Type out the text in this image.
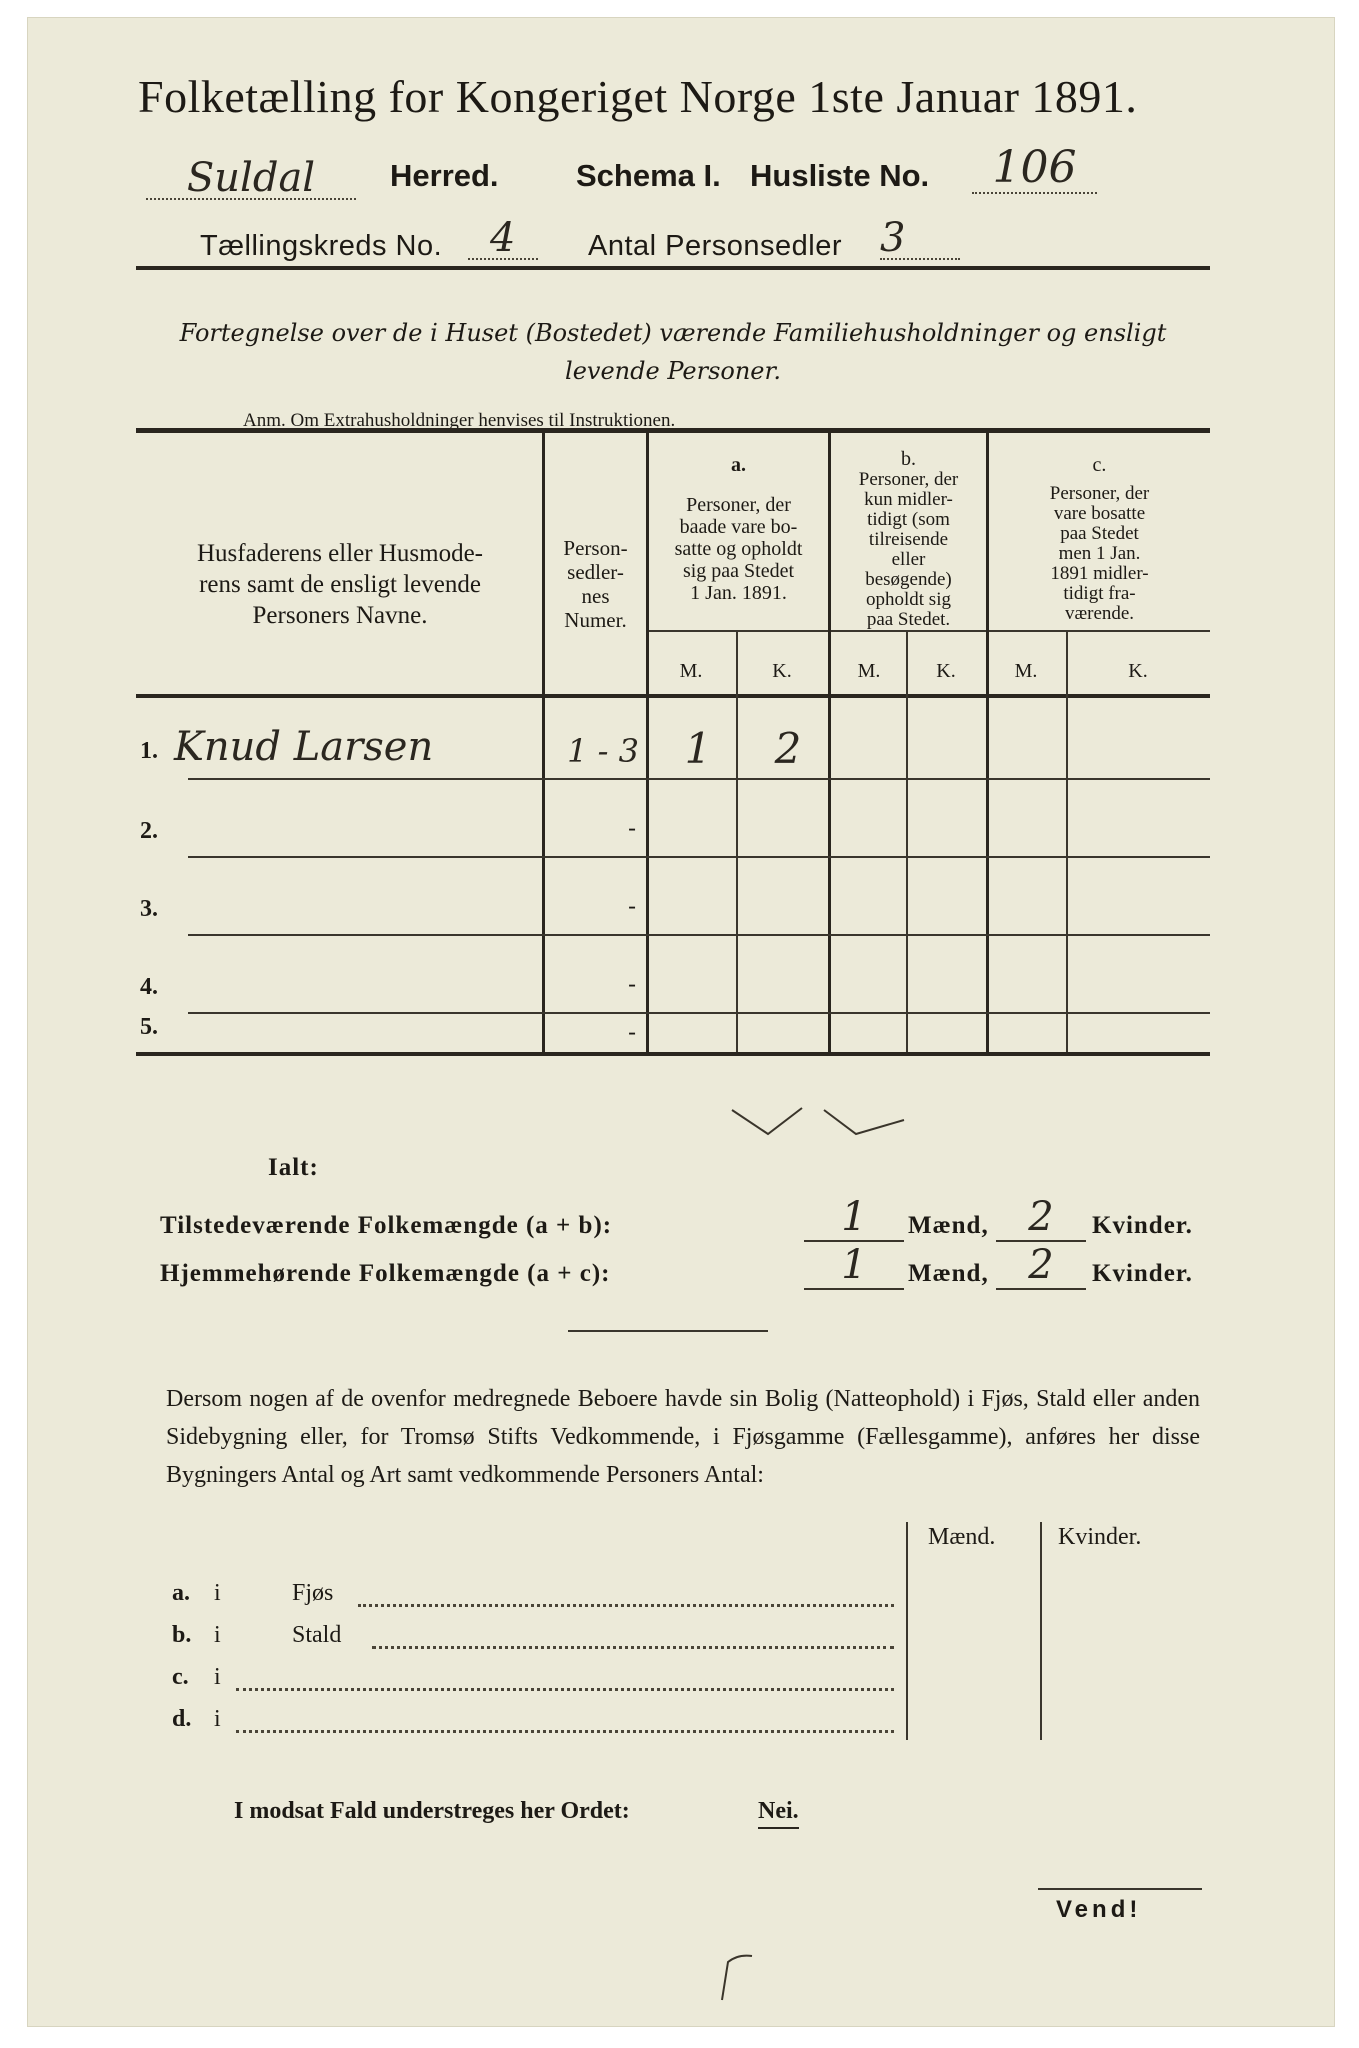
Folketælling for Kongeriget Norge 1ste Januar 1891.
Suldal	Herred. Schema I. Husliste No.	106
Tællingskreds No.	4	Antal Personsedler 3
Fortegnelse over de i Huset (Bostedet) værende Familiehusholdninger og ensligt
levende Personer.
Anm. Om Extrahusholdninger henvises til Instruktionen.
Husfaderens eller Husmode-
rens samt de ensligt levende
Personers Navne.
Person-
sedler-
nes
Numer.
a.
Personer, der
baade vare bo-
satte og opholdt
sig paa Stedet
1 Jan. 1891.
b.
Personer, der
kun midler-
tidigt (som
tilreisende
eller
besøgende)
opholdt sig
paa Stedet.
c.
Personer, der
vare bosatte
paa Stedet
men 1 Jan.
1891 midler-
tidigt fra-
værende.
M.	K.	M.	K.	M.	K.
1. Knud Larsen	1 - 3	1	2
2.	-
3.	-
4.	-
5.	-
Ialt:
Tilstedeværende Folkemængde (a + b):	1	Mænd, 2	Kvinder.
Hjemmehørende Folkemængde (a + c):	1	Mænd, 2	Kvinder.
Dersom nogen af de ovenfor medregnede Beboere havde sin Bolig (Natteophold) i Fjøs, Stald eller anden Sidebygning eller, for Tromsø Stifts Vedkommende, i Fjøsgamme (Fællesgamme), anføres her disse Bygningers Antal og Art samt vedkommende Personers Antal:
Mænd.	Kvinder.
a. i	Fjøs
b. i	Stald
c. i
d. i
I modsat Fald understreges her Ordet:	Nei.
Vend!
